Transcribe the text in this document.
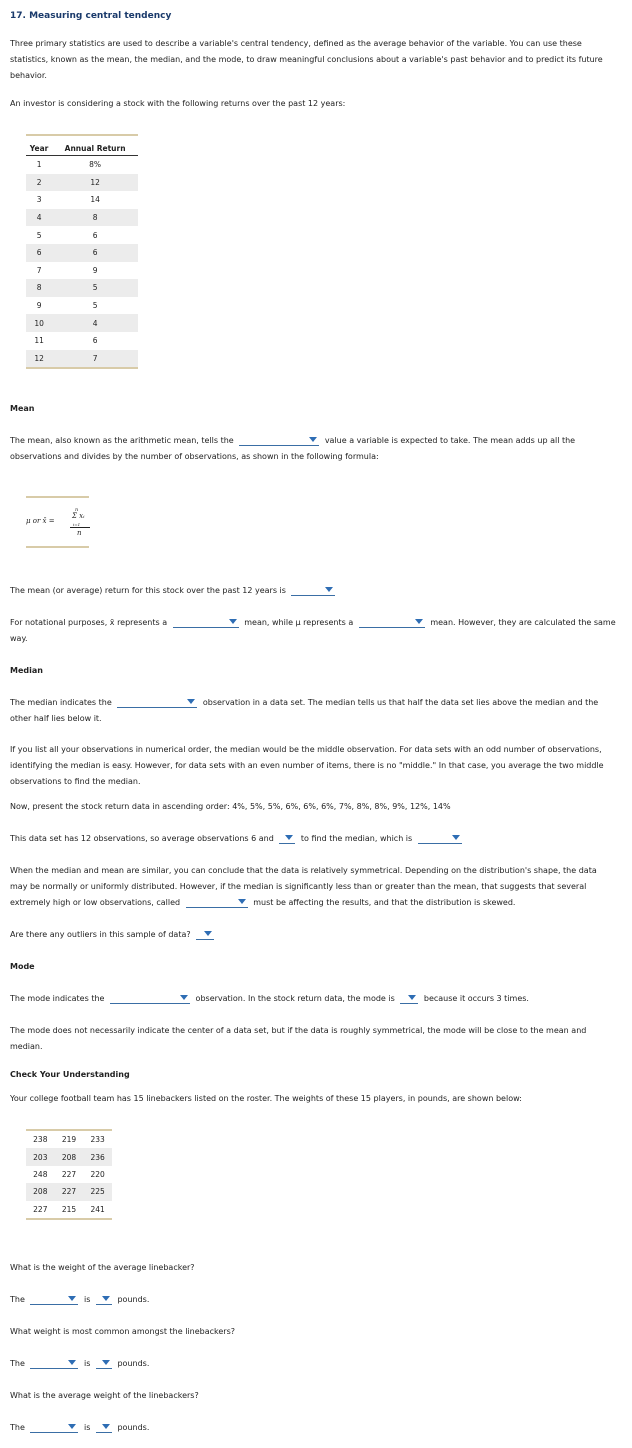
17. Measuring central tendency
Three primary statistics are used to describe a variable's central tendency, defined as the average behavior of the variable. You can use these statistics, known as the mean, the median, and the mode, to draw meaningful conclusions about a variable's past behavior and to predict its future behavior.
An investor is considering a stock with the following returns over the past 12 years:
Year	Annual Return
1	8%
2	12
3	14
4	8
5	6
6	6
7	9
8	5
9	5
10	4
11	6
12	7
Mean
The mean, also known as the arithmetic mean, tells the	value a variable is expected to take. The mean adds up all the observations and divides by the number of observations, as shown in the following formula:
μ or x̄ =
n
Σ xᵢ
i=1
n
The mean (or average) return for this stock over the past 12 years is
For notational purposes, x̄ represents a	mean, while μ represents a	mean. However, they are calculated the same way.
Median
The median indicates the	observation in a data set. The median tells us that half the data set lies above the median and the other half lies below it.
If you list all your observations in numerical order, the median would be the middle observation. For data sets with an odd number of observations, identifying the median is easy. However, for data sets with an even number of items, there is no "middle." In that case, you average the two middle observations to find the median.
Now, present the stock return data in ascending order: 4%, 5%, 5%, 6%, 6%, 6%, 7%, 8%, 8%, 9%, 12%, 14%
This data set has 12 observations, so average observations 6 and	to find the median, which is
When the median and mean are similar, you can conclude that the data is relatively symmetrical. Depending on the distribution's shape, the data may be normally or uniformly distributed. However, if the median is significantly less than or greater than the mean, that suggests that several extremely high or low observations, called	must be affecting the results, and that the distribution is skewed.
Are there any outliers in this sample of data?
Mode
The mode indicates the	observation. In the stock return data, the mode is	because it occurs 3 times.
The mode does not necessarily indicate the center of a data set, but if the data is roughly symmetrical, the mode will be close to the mean and median.
Check Your Understanding
Your college football team has 15 linebackers listed on the roster. The weights of these 15 players, in pounds, are shown below:
238	219	233
203	208	236
248	227	220
208	227	225
227	215	241
What is the weight of the average linebacker?
The	is	pounds.
What weight is most common amongst the linebackers?
The	is	pounds.
What is the average weight of the linebackers?
The	is	pounds.
